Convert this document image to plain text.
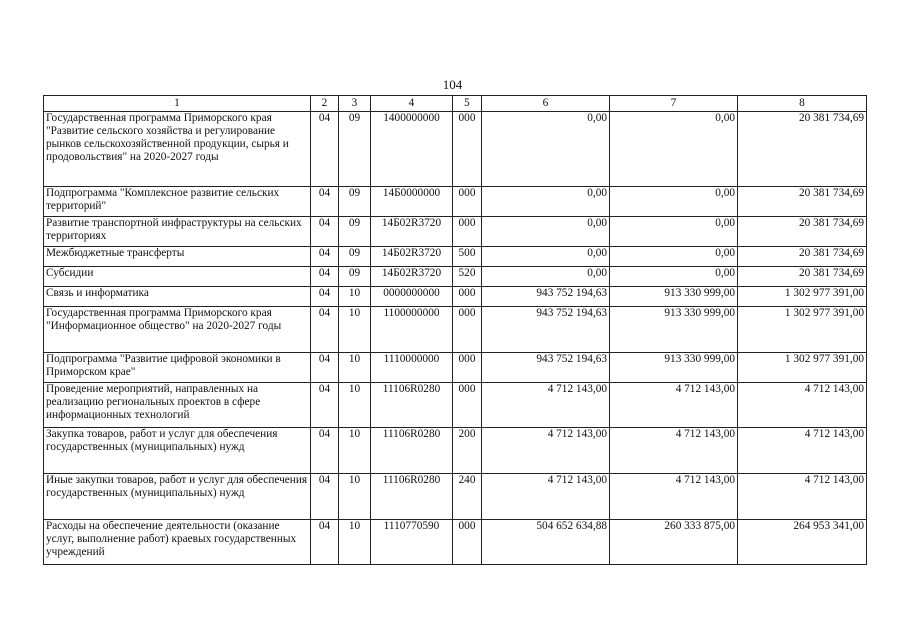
104
1	2	3	4	5	6	7	8
Государственная программа Приморского края "Развитие сельского хозяйства и регулирование рынков сельскохозяйственной продукции, сырья и продовольствия" на 2020-2027 годы	04	09	1400000000	000	0,00	0,00	20 381 734,69
Подпрограмма "Комплексное развитие сельских территорий"	04	09	14Б0000000	000	0,00	0,00	20 381 734,69
Развитие транспортной инфраструктуры на сельских территориях	04	09	14Б02R3720	000	0,00	0,00	20 381 734,69
Межбюджетные трансферты	04	09	14Б02R3720	500	0,00	0,00	20 381 734,69
Субсидии	04	09	14Б02R3720	520	0,00	0,00	20 381 734,69
Связь и информатика	04	10	0000000000	000	943 752 194,63	913 330 999,00	1 302 977 391,00
Государственная программа Приморского края "Информационное общество" на 2020-2027 годы	04	10	1100000000	000	943 752 194,63	913 330 999,00	1 302 977 391,00
Подпрограмма "Развитие цифровой экономики в Приморском крае"	04	10	1110000000	000	943 752 194,63	913 330 999,00	1 302 977 391,00
Проведение мероприятий, направленных на реализацию региональных проектов в сфере информационных технологий	04	10	11106R0280	000	4 712 143,00	4 712 143,00	4 712 143,00
Закупка товаров, работ и услуг для обеспечения государственных (муниципальных) нужд	04	10	11106R0280	200	4 712 143,00	4 712 143,00	4 712 143,00
Иные закупки товаров, работ и услуг для обеспечения государственных (муниципальных) нужд	04	10	11106R0280	240	4 712 143,00	4 712 143,00	4 712 143,00
Расходы на обеспечение деятельности (оказание услуг, выполнение работ) краевых государственных учреждений	04	10	1110770590	000	504 652 634,88	260 333 875,00	264 953 341,00
